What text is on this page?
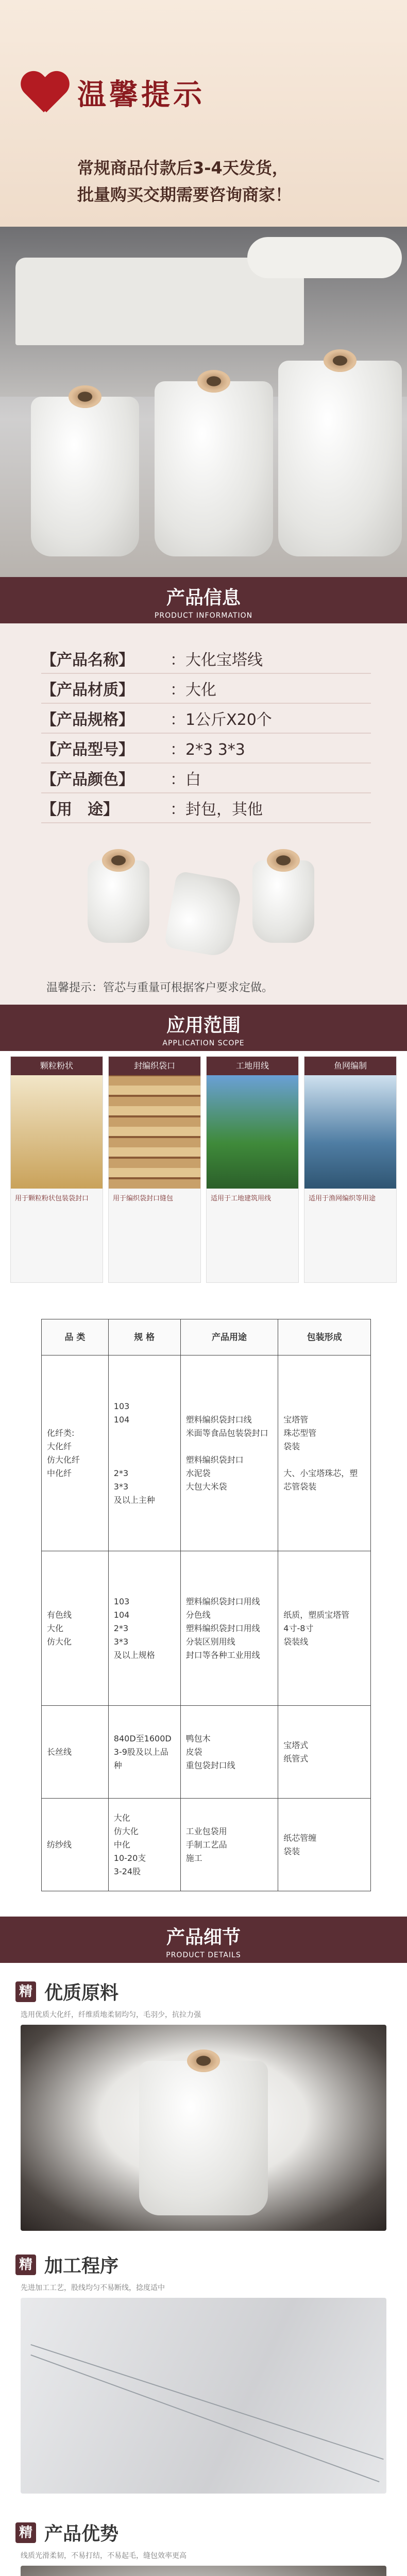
温馨提示
常规商品付款后3-4天发货，
批量购买交期需要咨询商家！
产品信息
PRODUCT INFORMATION
【产品名称】	：大化宝塔线
【产品材质】	：大化
【产品规格】	：1公斤X20个
【产品型号】	：2*3 3*3
【产品颜色】	：白
【用　途】	：封包，其他
温馨提示：管芯与重量可根据客户要求定做。
应用范围
APPLICATION SCOPE
颗粒粉状
用于颗粒粉状包装袋封口
封编织袋口
用于编织袋封口缝包
工地用线
适用于工地建筑用线
鱼网编制
适用于渔网编织等用途
品 类	规 格	产品用途	包装形成
化纤类:
大化纤
仿大化纤
中化纤	103
104

2*3
3*3
及以上主种	塑料编织袋封口线
米面等食品包装袋封口

塑料编织袋封口
水泥袋
大包大米袋	宝塔管
珠芯型管
袋装

大、小宝塔珠芯，塑芯管袋装
有色线
大化
仿大化	103
104
2*3
3*3
及以上规格	塑料编织袋封口用线
分色线
塑料编织袋封口用线
分装区别用线
封口等各种工业用线	纸质，塑质宝塔管
4寸-8寸
袋装线
长丝线	840D至1600D
3-9股及以上品种	鸭包木
皮袋
重包袋封口线	宝塔式
纸管式
纺纱线	大化
仿大化
中化
10-20支
3-24股	工业包袋用
手制工艺品
施工	纸芯管缠
袋装
产品细节
PRODUCT DETAILS
精 优质原料
选用优质大化纤，纤维质地柔韧均匀，毛羽少，抗拉力强
精 加工程序
先进加工工艺，股线均匀不易断线，捻度适中
精 产品优势
线质光滑柔韧，不易打结，不易起毛，缝包效率更高
